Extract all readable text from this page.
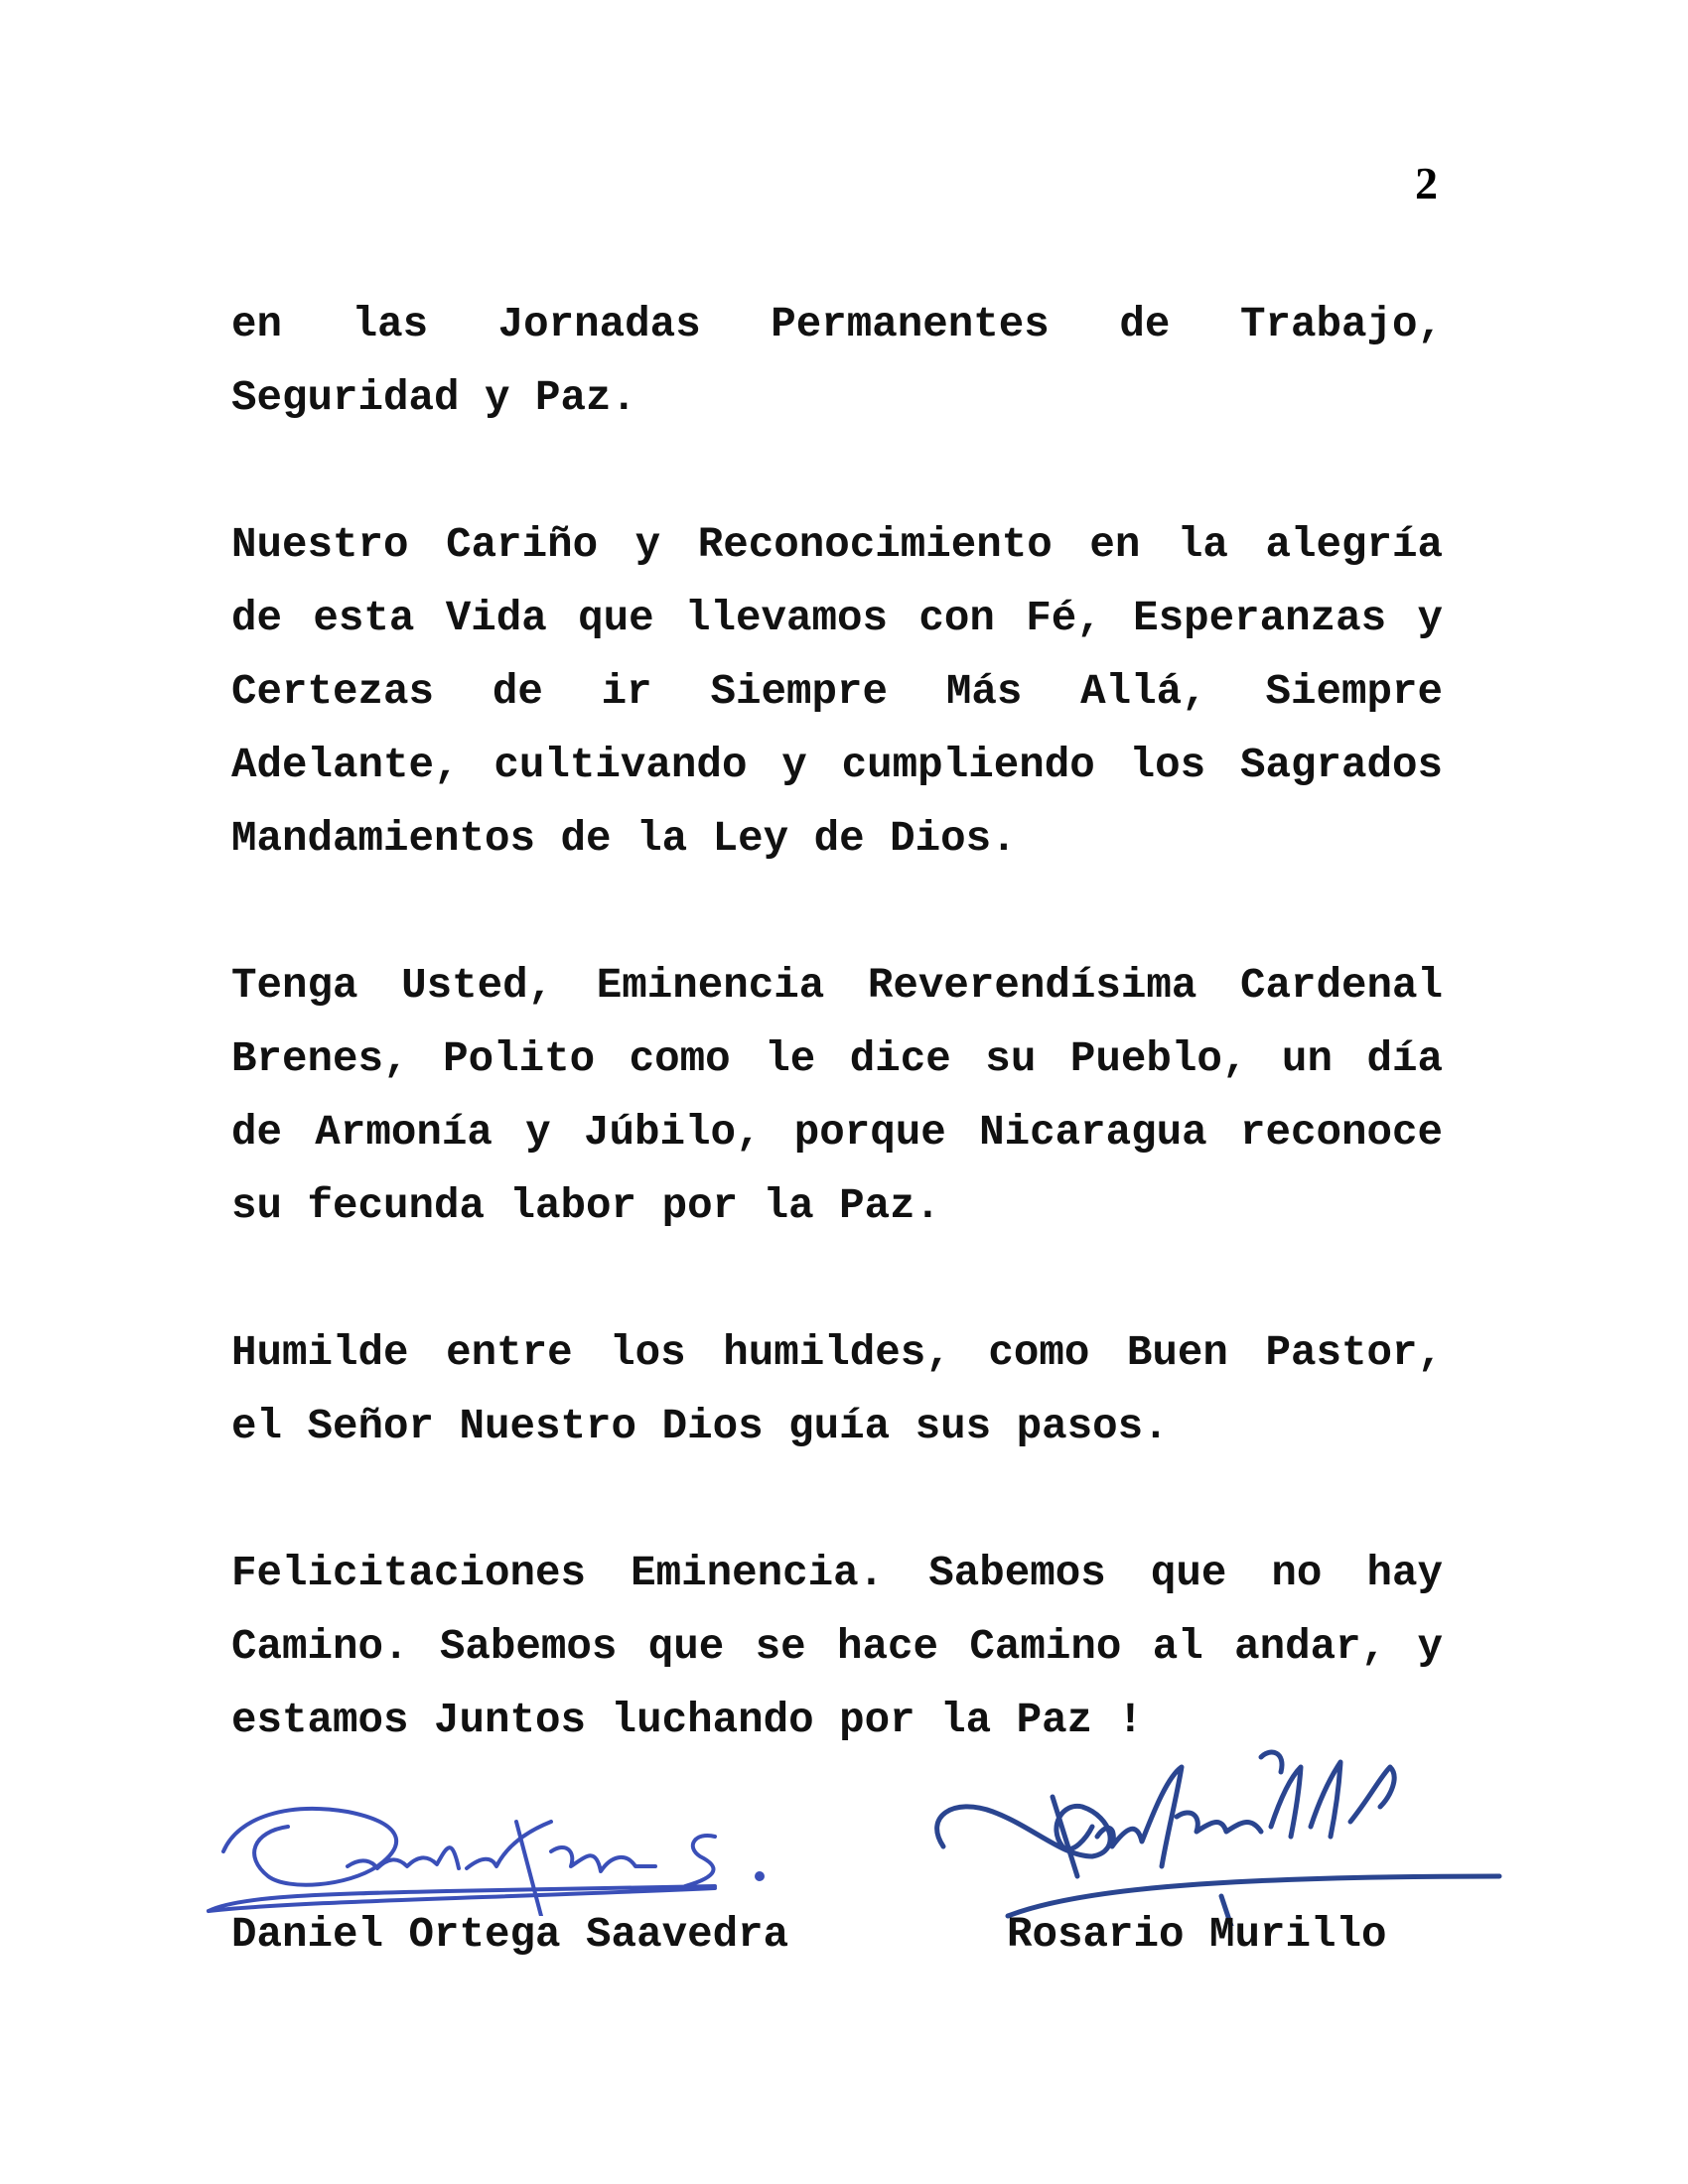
2

en las Jornadas Permanentes de Trabajo, Seguridad y Paz.

Nuestro Cariño y Reconocimiento en la alegría de esta Vida que llevamos con Fé, Esperanzas y Certezas de ir Siempre Más Allá, Siempre Adelante, cultivando y cumpliendo los Sagrados Mandamientos de la Ley de Dios.

Tenga Usted, Eminencia Reverendísima Cardenal Brenes, Polito como le dice su Pueblo, un día de Armonía y Júbilo, porque Nicaragua reconoce su fecunda labor por la Paz.

Humilde entre los humildes, como Buen Pastor, el Señor Nuestro Dios guía sus pasos.

Felicitaciones Eminencia. Sabemos que no hay Camino. Sabemos que se hace Camino al andar, y estamos Juntos luchando por la Paz !

Daniel Ortega Saavedra	Rosario Murillo
